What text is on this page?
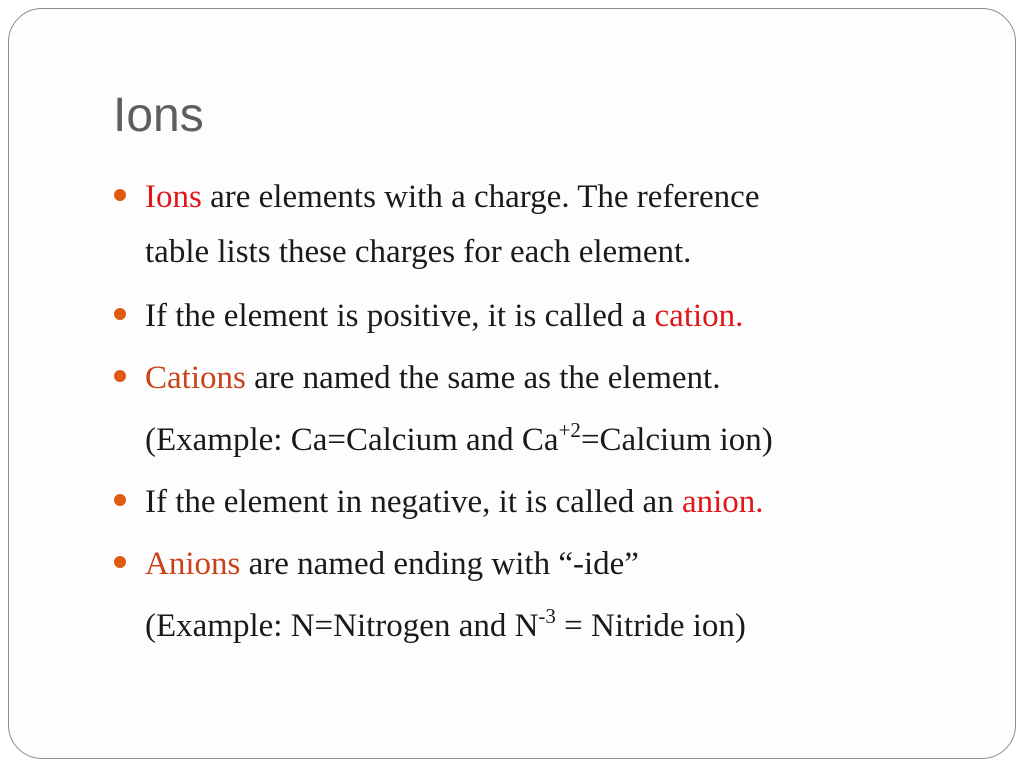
Ions
Ions are elements with a charge. The reference
table lists these charges for each element.
If the element is positive, it is called a cation.
Cations are named the same as the element.
(Example: Ca=Calcium and $Ca^{+2}=Calcium$ ion)
If the element in negative, it is called an anion.
Anions are named ending with “-ide”
(Example: N=Nitrogen and $N^{-3}$ = Nitride ion)
